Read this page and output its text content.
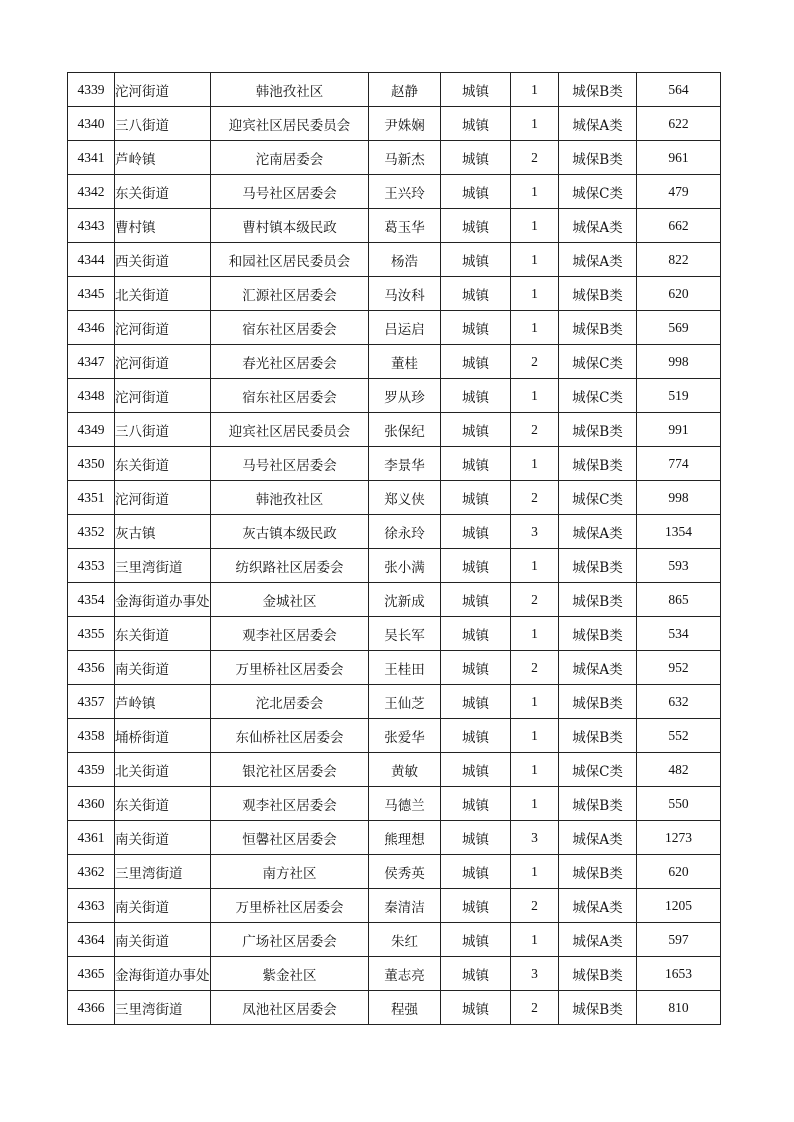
4339	沱河街道	韩池孜社区	赵静	城镇	1	城保B类	564
4340	三八街道	迎宾社区居民委员会	尹姝娴	城镇	1	城保A类	622
4341	芦岭镇	沱南居委会	马新杰	城镇	2	城保B类	961
4342	东关街道	马号社区居委会	王兴玲	城镇	1	城保C类	479
4343	曹村镇	曹村镇本级民政	葛玉华	城镇	1	城保A类	662
4344	西关街道	和园社区居民委员会	杨浩	城镇	1	城保A类	822
4345	北关街道	汇源社区居委会	马汝科	城镇	1	城保B类	620
4346	沱河街道	宿东社区居委会	吕运启	城镇	1	城保B类	569
4347	沱河街道	春光社区居委会	董桂	城镇	2	城保C类	998
4348	沱河街道	宿东社区居委会	罗从珍	城镇	1	城保C类	519
4349	三八街道	迎宾社区居民委员会	张保纪	城镇	2	城保B类	991
4350	东关街道	马号社区居委会	李景华	城镇	1	城保B类	774
4351	沱河街道	韩池孜社区	郑义侠	城镇	2	城保C类	998
4352	灰古镇	灰古镇本级民政	徐永玲	城镇	3	城保A类	1354
4353	三里湾街道	纺织路社区居委会	张小满	城镇	1	城保B类	593
4354	金海街道办事处	金城社区	沈新成	城镇	2	城保B类	865
4355	东关街道	观李社区居委会	吴长军	城镇	1	城保B类	534
4356	南关街道	万里桥社区居委会	王桂田	城镇	2	城保A类	952
4357	芦岭镇	沱北居委会	王仙芝	城镇	1	城保B类	632
4358	埇桥街道	东仙桥社区居委会	张爱华	城镇	1	城保B类	552
4359	北关街道	银沱社区居委会	黄敏	城镇	1	城保C类	482
4360	东关街道	观李社区居委会	马德兰	城镇	1	城保B类	550
4361	南关街道	恒馨社区居委会	熊理想	城镇	3	城保A类	1273
4362	三里湾街道	南方社区	侯秀英	城镇	1	城保B类	620
4363	南关街道	万里桥社区居委会	秦清洁	城镇	2	城保A类	1205
4364	南关街道	广场社区居委会	朱红	城镇	1	城保A类	597
4365	金海街道办事处	紫金社区	董志亮	城镇	3	城保B类	1653
4366	三里湾街道	凤池社区居委会	程强	城镇	2	城保B类	810
